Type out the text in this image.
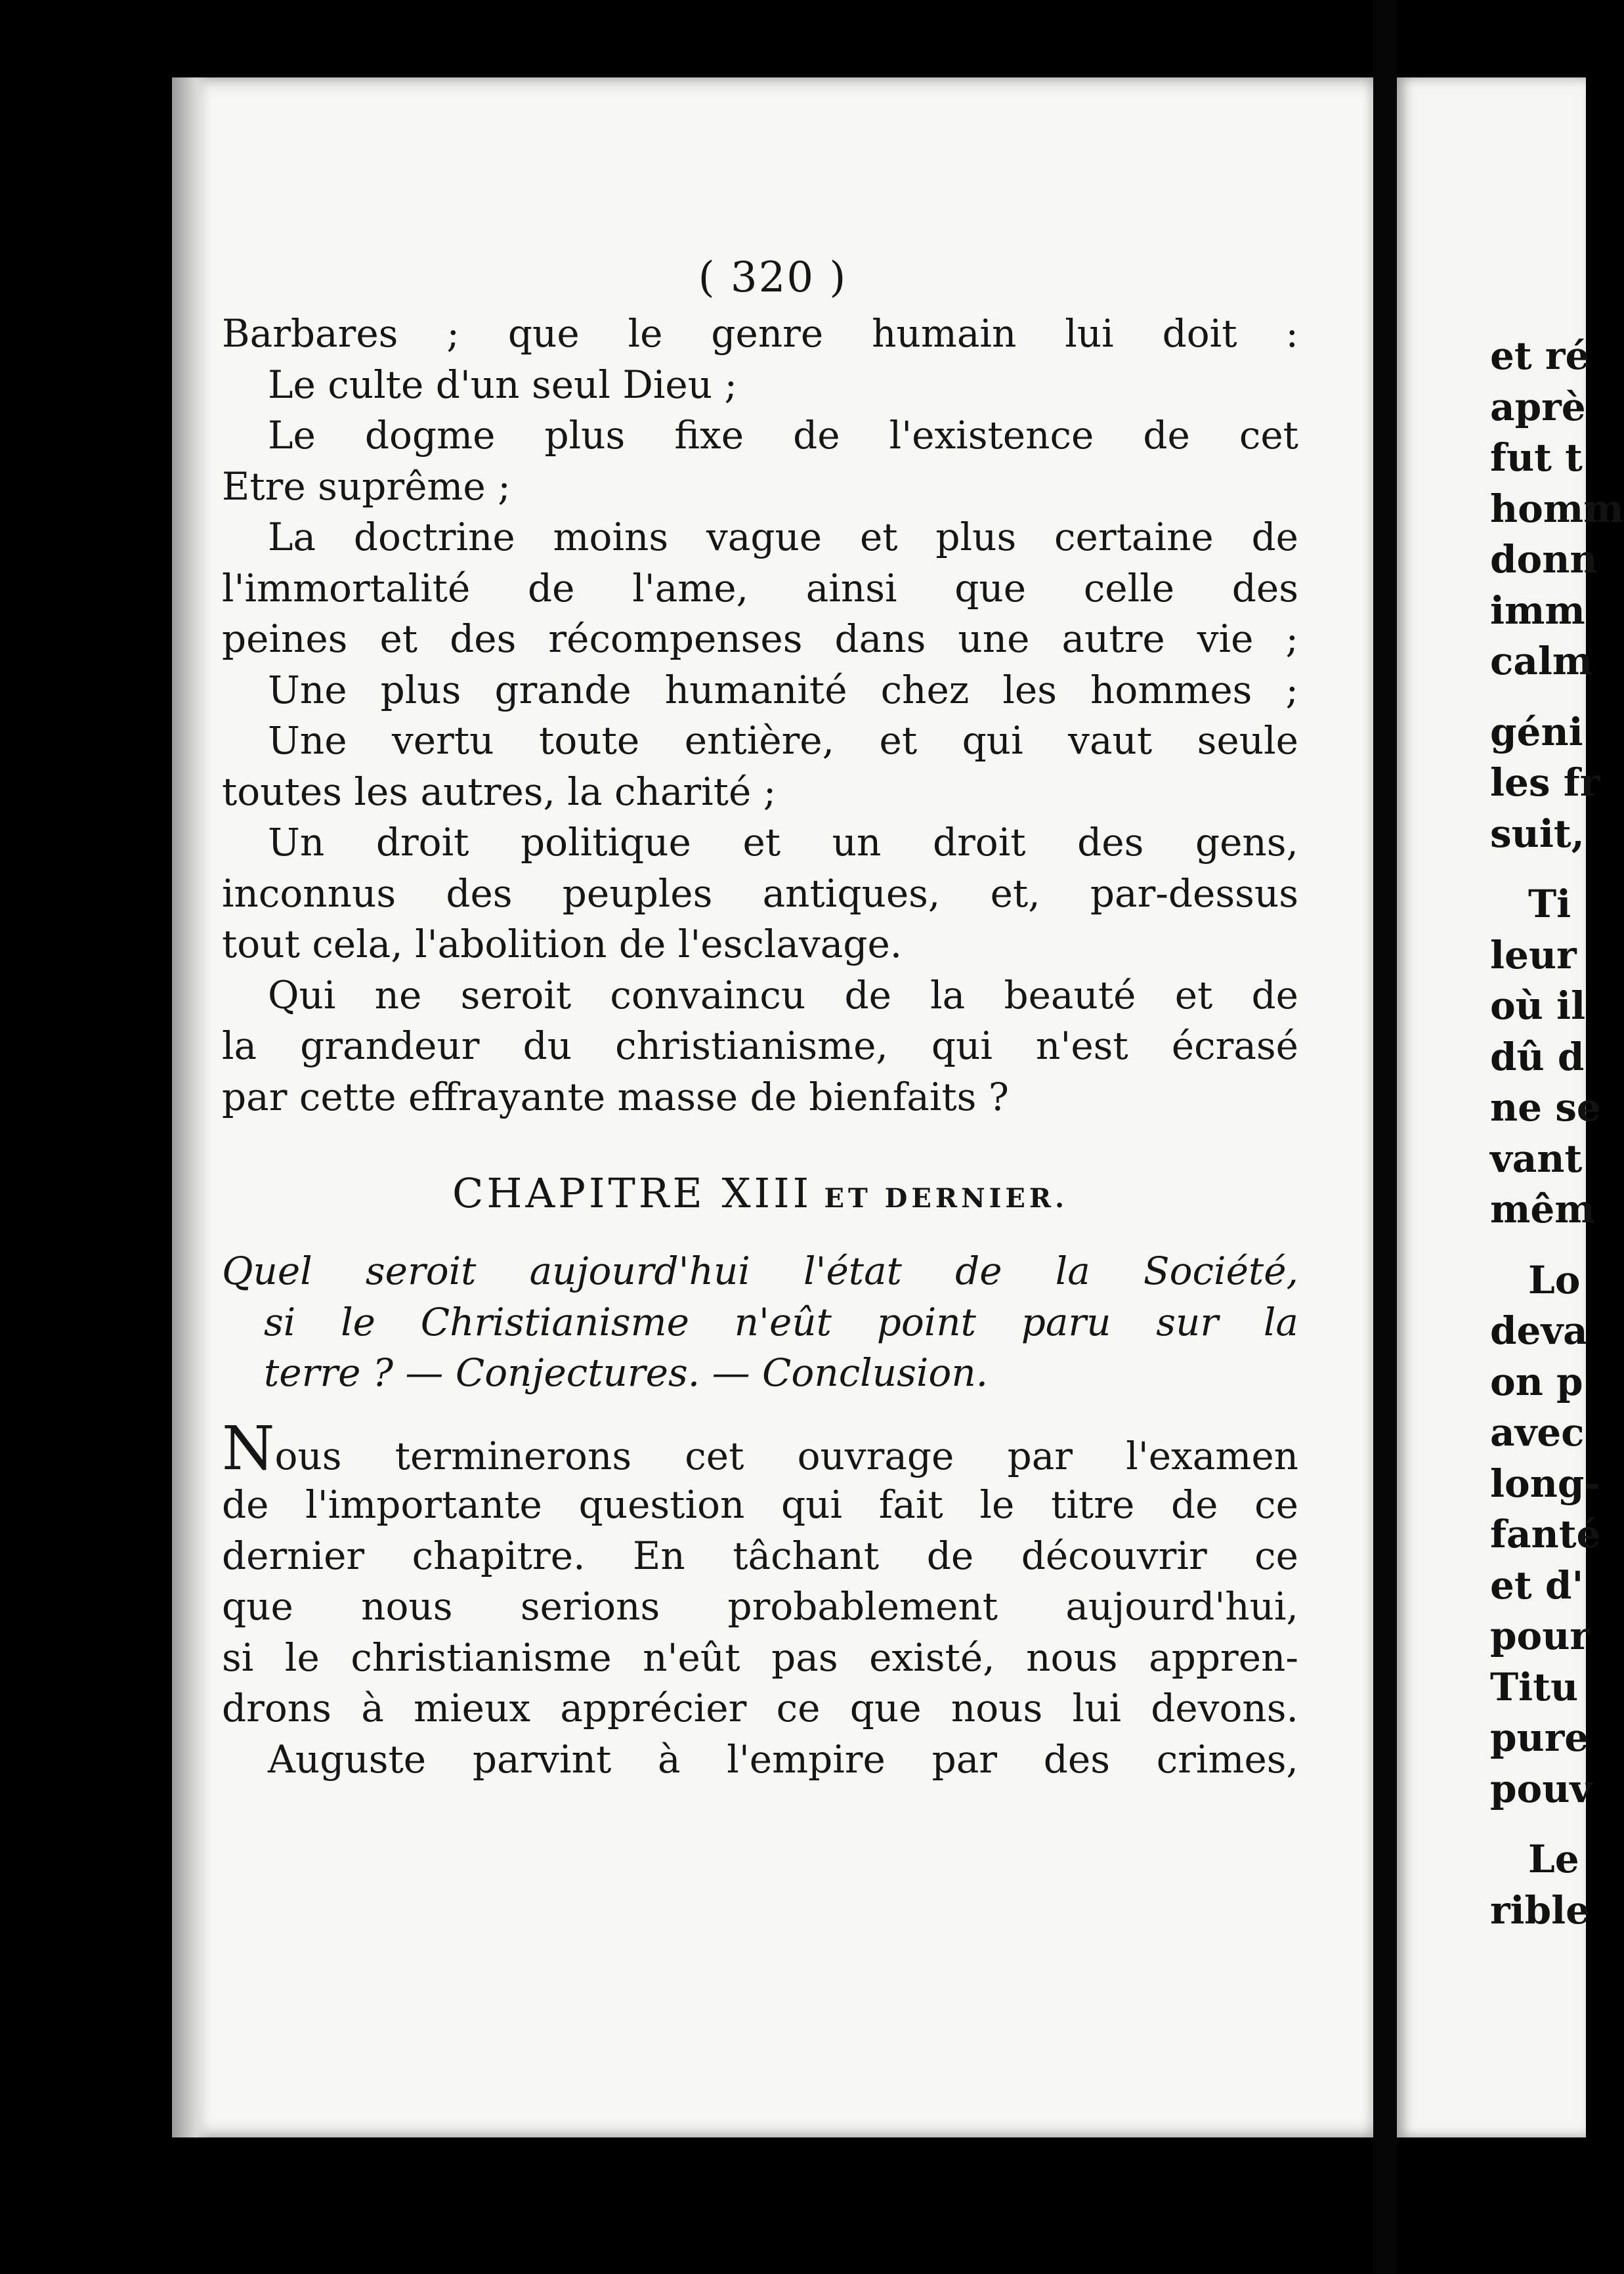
( 320 )
Barbares ; que le genre humain lui doit :
Le culte d'un seul Dieu ;
Le dogme plus fixe de l'existence de cet
Etre suprême ;
La doctrine moins vague et plus certaine de
l'immortalité de l'ame, ainsi que celle des
peines et des récompenses dans une autre vie ;
Une plus grande humanité chez les hommes ;
Une vertu toute entière, et qui vaut seule
toutes les autres, la charité ;
Un droit politique et un droit des gens,
inconnus des peuples antiques, et, par-dessus
tout cela, l'abolition de l'esclavage.
Qui ne seroit convaincu de la beauté et de
la grandeur du christianisme, qui n'est écrasé
par cette effrayante masse de bienfaits ?
CHAPITRE XIII ET DERNIER.
Quel seroit aujourd'hui l'état de la Société,
si le Christianisme n'eût point paru sur la
terre ? — Conjectures. — Conclusion.
Nous terminerons cet ouvrage par l'examen
de l'importante question qui fait le titre de ce
dernier chapitre. En tâchant de découvrir ce
que nous serions probablement aujourd'hui,
si le christianisme n'eût pas existé, nous appren-
drons à mieux apprécier ce que nous lui devons.
Auguste parvint à l'empire par des crimes,
et ré
aprè
fut t
homm
donn
imm
calm
géni
les fr
suit,
Ti
leur
où il
dû d
ne se
vant
mêm
Lo
deva
on p
avec
long-
fanté
et d'
pour
Titu
pure
pouv
Le
rible
